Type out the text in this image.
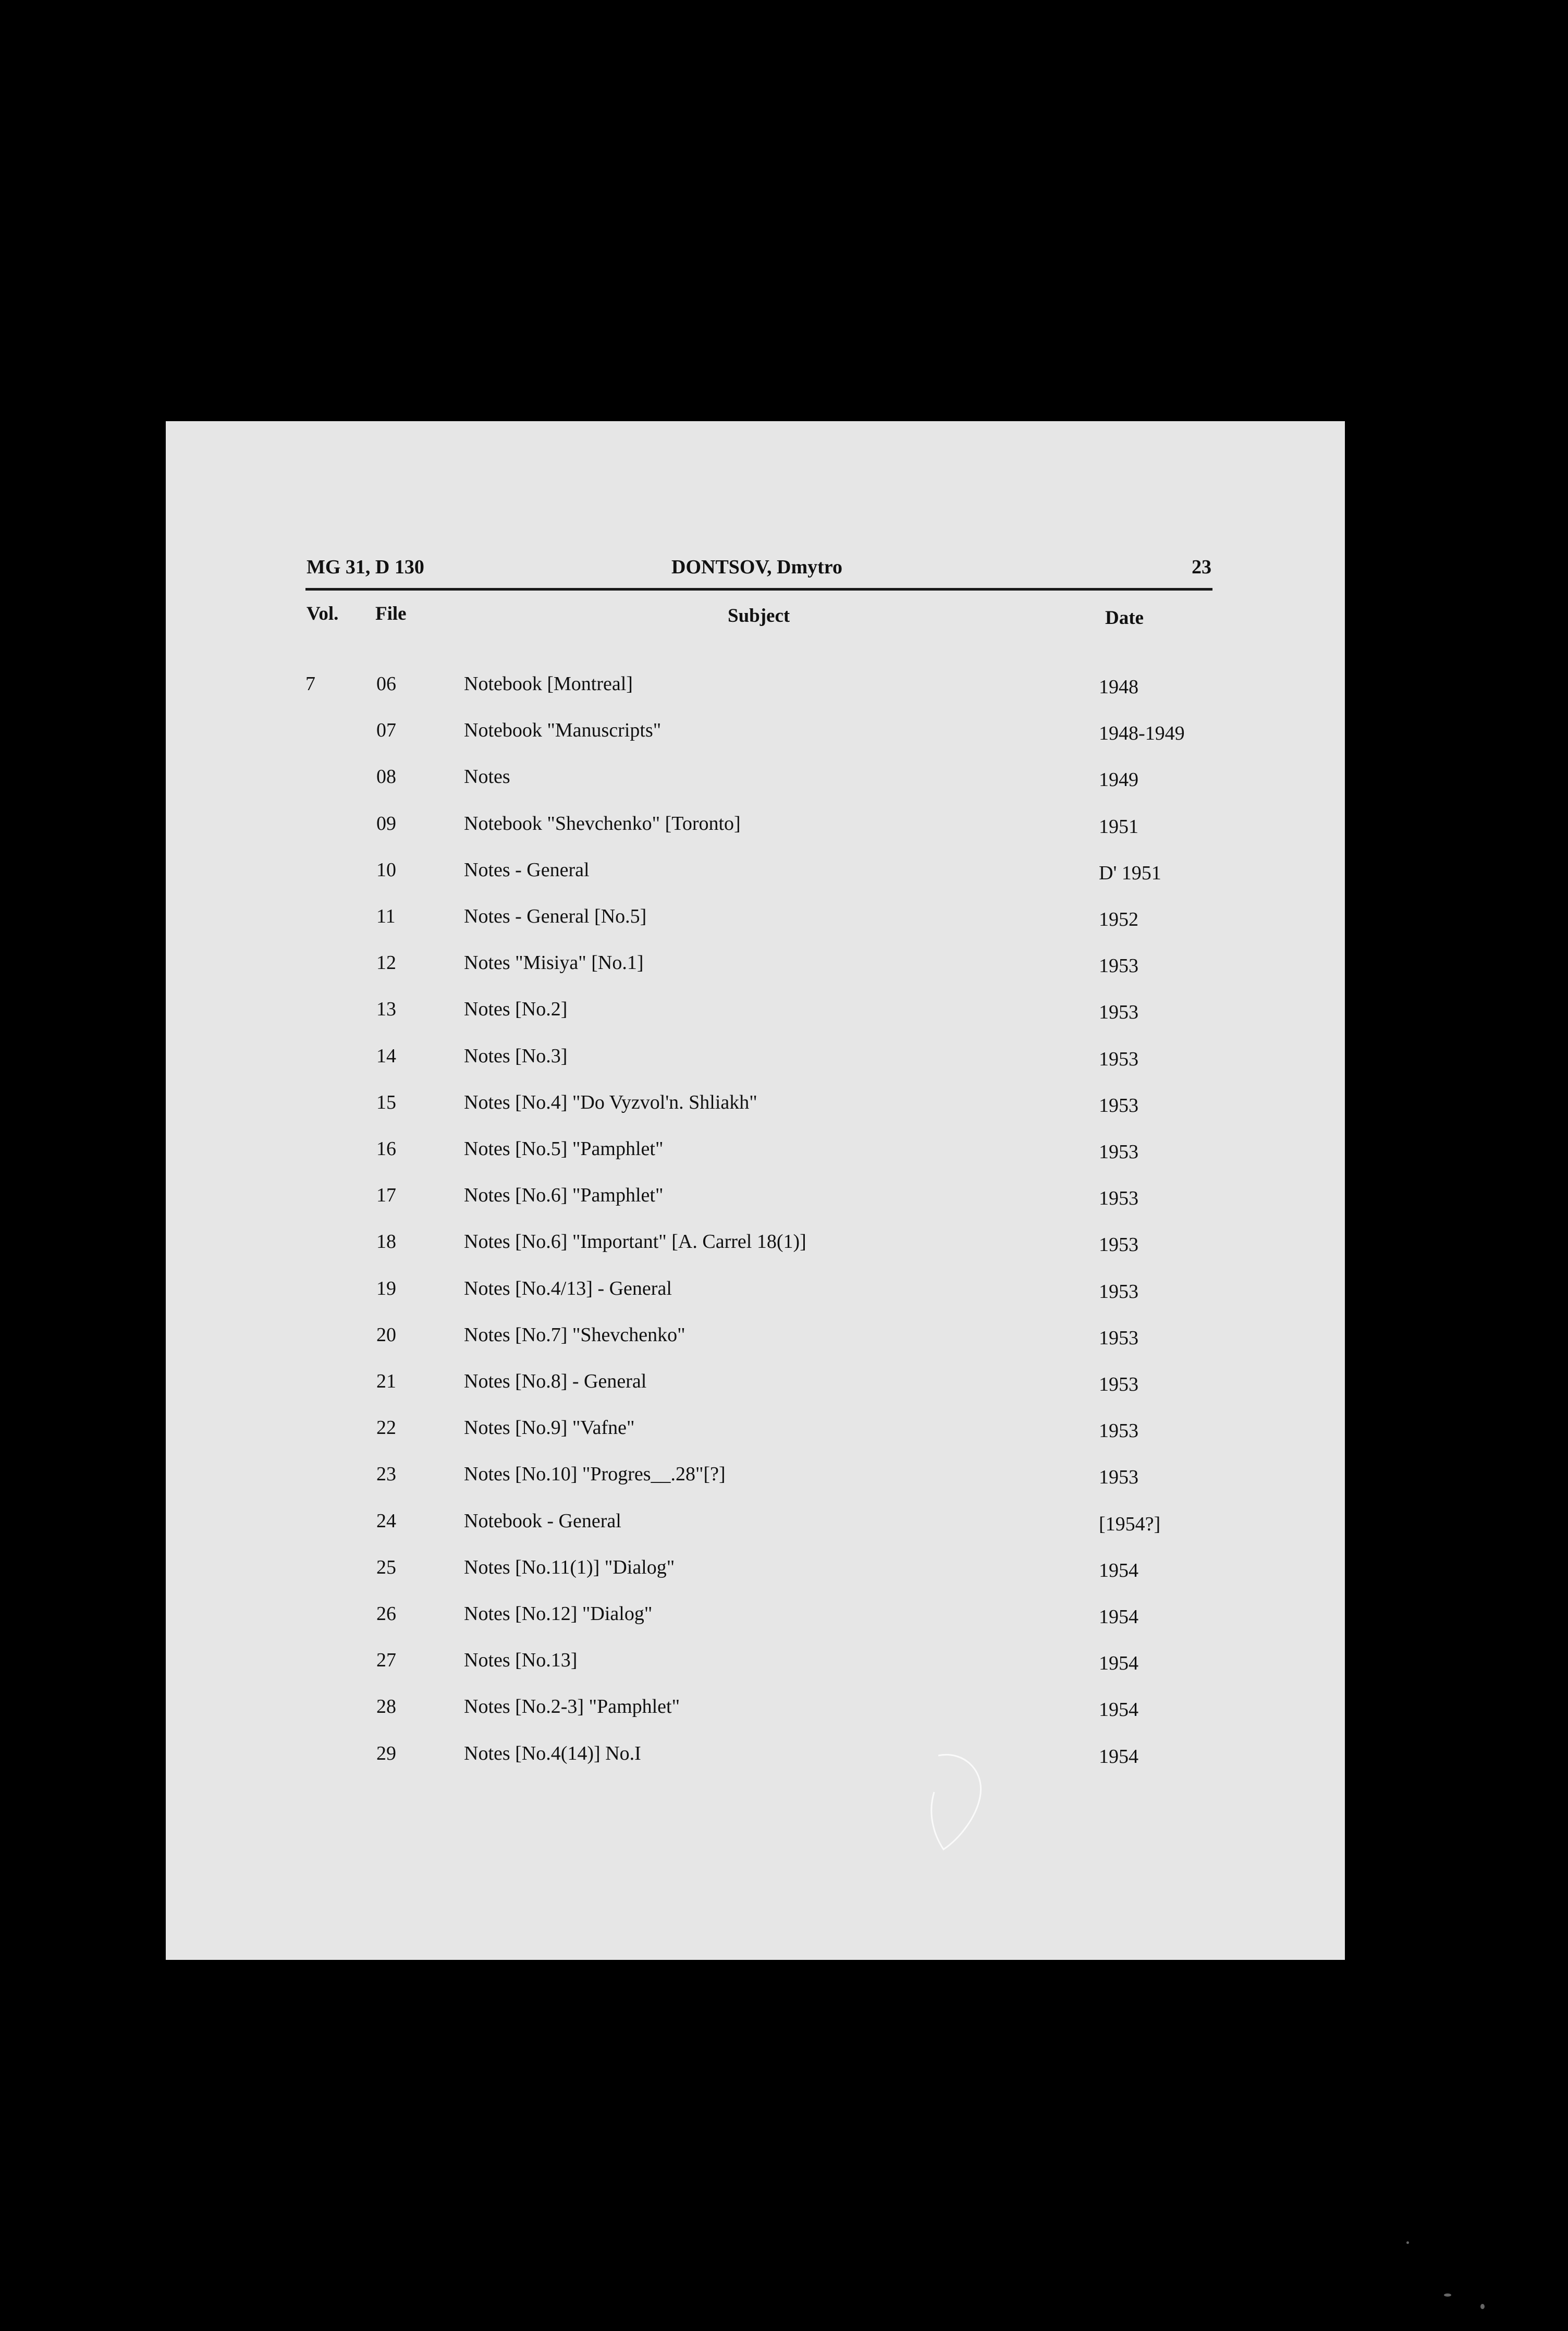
MG 31, D 130	DONTSOV, Dmytro	23
Vol. File	Subject	Date
7	06	Notebook [Montreal]	1948
07	Notebook "Manuscripts"	1948-1949
08	Notes	1949
09	Notebook "Shevchenko" [Toronto]	1951
10	Notes - General	D' 1951
11	Notes - General [No.5]	1952
12	Notes "Misiya" [No.1]	1953
13	Notes [No.2]	1953
14	Notes [No.3]	1953
15	Notes [No.4] "Do Vyzvol'n. Shliakh"	1953
16	Notes [No.5] "Pamphlet"	1953
17	Notes [No.6] "Pamphlet"	1953
18	Notes [No.6] "Important" [A. Carrel 18(1)]	1953
19	Notes [No.4/13] - General	1953
20	Notes [No.7] "Shevchenko"	1953
21	Notes [No.8] - General	1953
22	Notes [No.9] "Vafne"	1953
23	Notes [No.10] "Progres__.28"[?]	1953
24	Notebook - General	[1954?]
25	Notes [No.11(1)] "Dialog"	1954
26	Notes [No.12] "Dialog"	1954
27	Notes [No.13]	1954
28	Notes [No.2-3] "Pamphlet"	1954
29	Notes [No.4(14)] No.I	1954
